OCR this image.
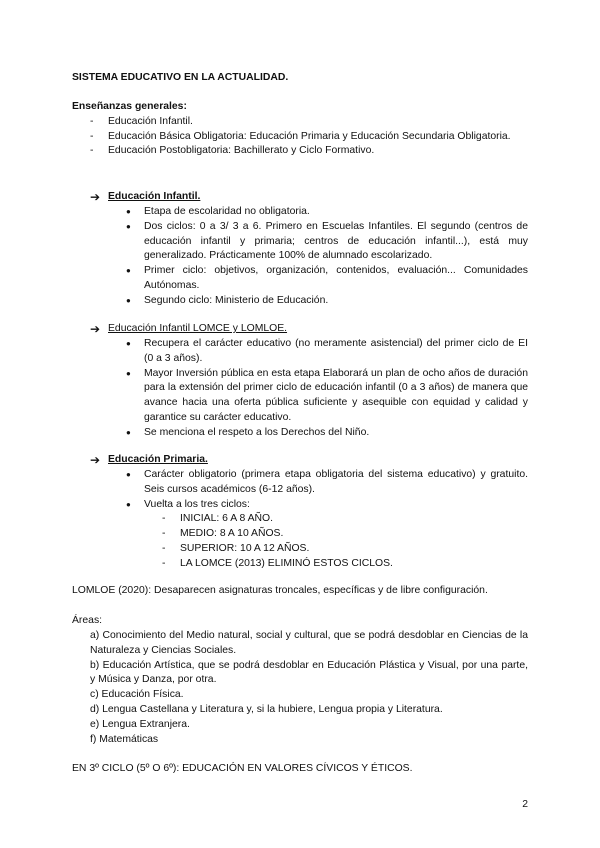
SISTEMA EDUCATIVO EN LA ACTUALIDAD.
Enseñanzas generales:
- Educación Infantil.
- Educación Básica Obligatoria: Educación Primaria y Educación Secundaria Obligatoria.
- Educación Postobligatoria: Bachillerato y Ciclo Formativo.
➔ Educación Infantil.
● Etapa de escolaridad no obligatoria.
● Dos ciclos: 0 a 3/ 3 a 6. Primero en Escuelas Infantiles. El segundo (centros de educación infantil y primaria; centros de educación infantil...), está muy generalizado. Prácticamente 100% de alumnado escolarizado.
● Primer ciclo: objetivos, organización, contenidos, evaluación... Comunidades Autónomas.
● Segundo ciclo: Ministerio de Educación.
➔ Educación Infantil LOMCE y LOMLOE.
● Recupera el carácter educativo (no meramente asistencial) del primer ciclo de EI (0 a 3 años).
● Mayor Inversión pública en esta etapa Elaborará un plan de ocho años de duración para la extensión del primer ciclo de educación infantil (0 a 3 años) de manera que avance hacia una oferta pública suficiente y asequible con equidad y calidad y garantice su carácter educativo.
● Se menciona el respeto a los Derechos del Niño.
➔ Educación Primaria.
● Carácter obligatorio (primera etapa obligatoria del sistema educativo) y gratuito. Seis cursos académicos (6-12 años).
● Vuelta a los tres ciclos:
- INICIAL: 6 A 8 AÑO.
- MEDIO: 8 A 10 AÑOS.
- SUPERIOR: 10 A 12 AÑOS.
- LA LOMCE (2013) ELIMINÓ ESTOS CICLOS.
LOMLOE (2020): Desaparecen asignaturas troncales, específicas y de libre configuración.
Áreas:
a) Conocimiento del Medio natural, social y cultural, que se podrá desdoblar en Ciencias de la Naturaleza y Ciencias Sociales.
b) Educación Artística, que se podrá desdoblar en Educación Plástica y Visual, por una parte, y Música y Danza, por otra.
c) Educación Física.
d) Lengua Castellana y Literatura y, si la hubiere, Lengua propia y Literatura.
e) Lengua Extranjera.
f) Matemáticas
EN 3º CICLO (5º O 6º): EDUCACIÓN EN VALORES CÍVICOS Y ÉTICOS.
2
